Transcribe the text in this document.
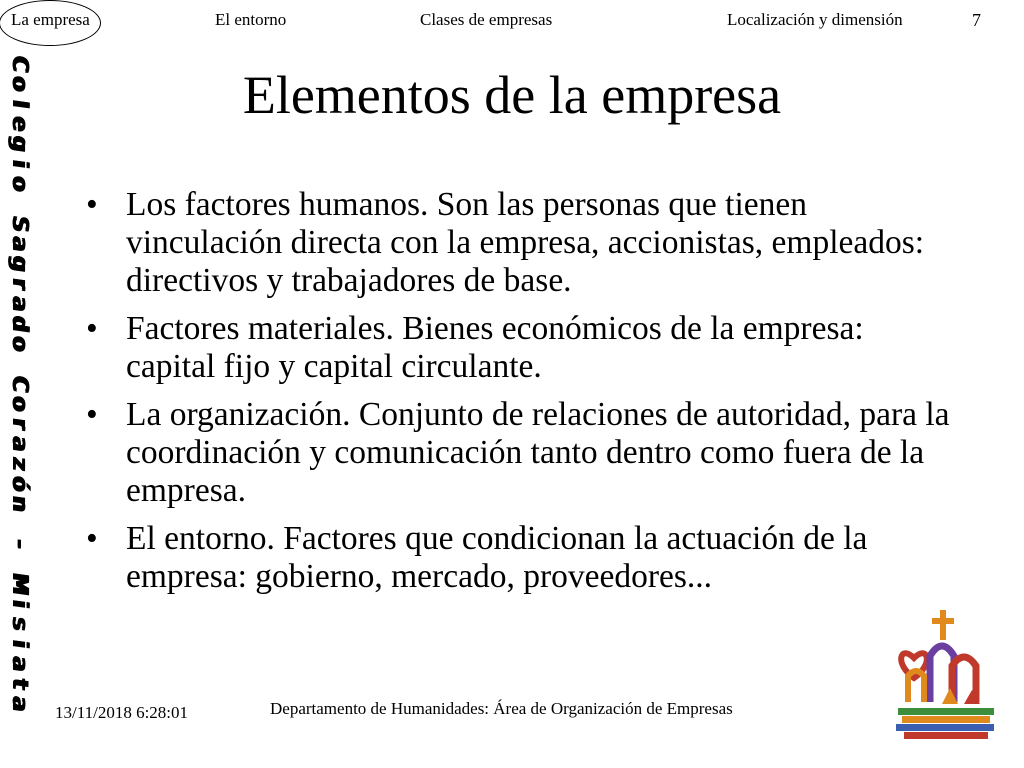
La empresa	El entorno	Clases de empresas	Localización y dimensión	7
C
o
l
e
g
i
o

S
a
g
r
a
d
o

C
o
r
a
z
ó
n

-

M
i
s
i
a
t
a
Elementos de la empresa
• Los factores humanos. Son las personas que tienen vinculación directa con la empresa, accionistas, empleados: directivos y trabajadores de base.
• Factores materiales. Bienes económicos de la empresa: capital fijo y capital circulante.
• La organización. Conjunto de relaciones de autoridad, para la coordinación y comunicación tanto dentro como fuera de la empresa.
• El entorno. Factores que condicionan la actuación de la empresa: gobierno, mercado, proveedores...
13/11/2018 6:28:01	Departamento de Humanidades: Área de Organización de Empresas
